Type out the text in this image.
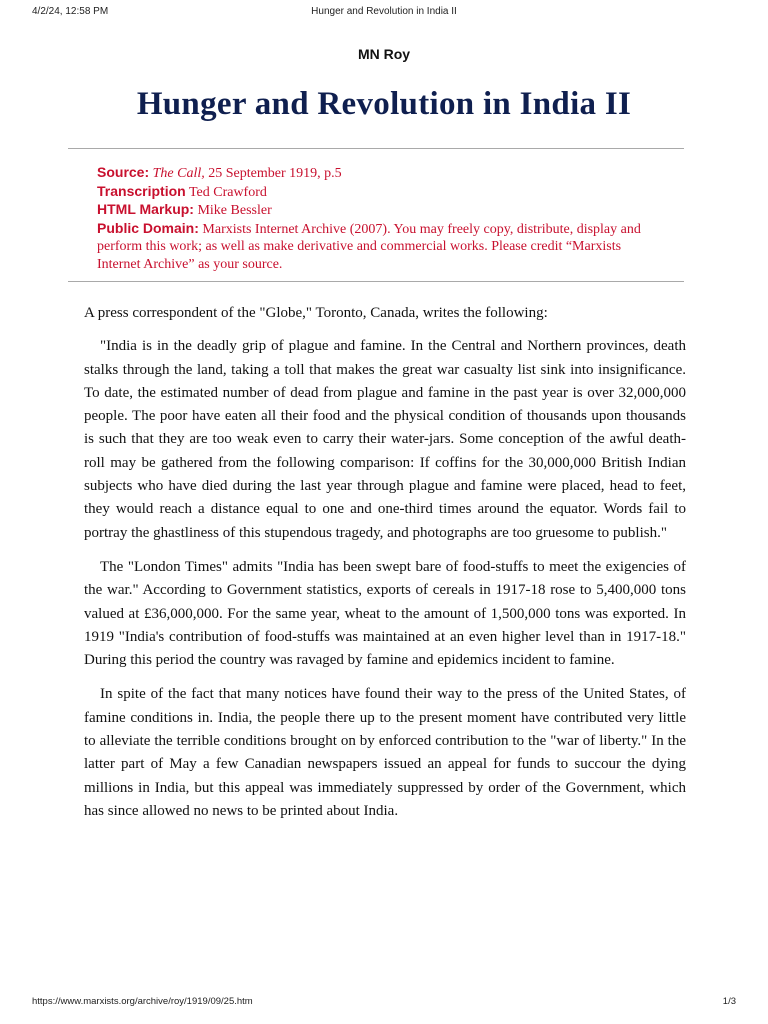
4/2/24, 12:58 PM	Hunger and Revolution in India II
MN Roy
Hunger and Revolution in India II
Source: The Call, 25 September 1919, p.5
Transcription Ted Crawford
HTML Markup: Mike Bessler
Public Domain: Marxists Internet Archive (2007). You may freely copy, distribute, display and perform this work; as well as make derivative and commercial works. Please credit “Marxists Internet Archive” as your source.

A press correspondent of the "Globe," Toronto, Canada, writes the following:

"India is in the deadly grip of plague and famine. In the Central and Northern provinces, death stalks through the land, taking a toll that makes the great war casualty list sink into insignificance. To date, the estimated number of dead from plague and famine in the past year is over 32,000,000 people. The poor have eaten all their food and the physical condition of thousands upon thousands is such that they are too weak even to carry their water-jars. Some conception of the awful death-roll may be gathered from the following comparison: If coffins for the 30,000,000 British Indian subjects who have died during the last year through plague and famine were placed, head to feet, they would reach a distance equal to one and one-third times around the equator. Words fail to portray the ghastliness of this stupendous tragedy, and photographs are too gruesome to publish."

The "London Times" admits "India has been swept bare of food-stuffs to meet the exigencies of the war." According to Government statistics, exports of cereals in 1917-18 rose to 5,400,000 tons valued at £36,000,000. For the same year, wheat to the amount of 1,500,000 tons was exported. In 1919 "India's contribution of food-stuffs was maintained at an even higher level than in 1917-18." During this period the country was ravaged by famine and epidemics incident to famine.

In spite of the fact that many notices have found their way to the press of the United States, of famine conditions in. India, the people there up to the present moment have contributed very little to alleviate the terrible conditions brought on by enforced contribution to the "war of liberty." In the latter part of May a few Canadian newspapers issued an appeal for funds to succour the dying millions in India, but this appeal was immediately suppressed by order of the Government, which has since allowed no news to be printed about India.

https://www.marxists.org/archive/roy/1919/09/25.htm	1/3
